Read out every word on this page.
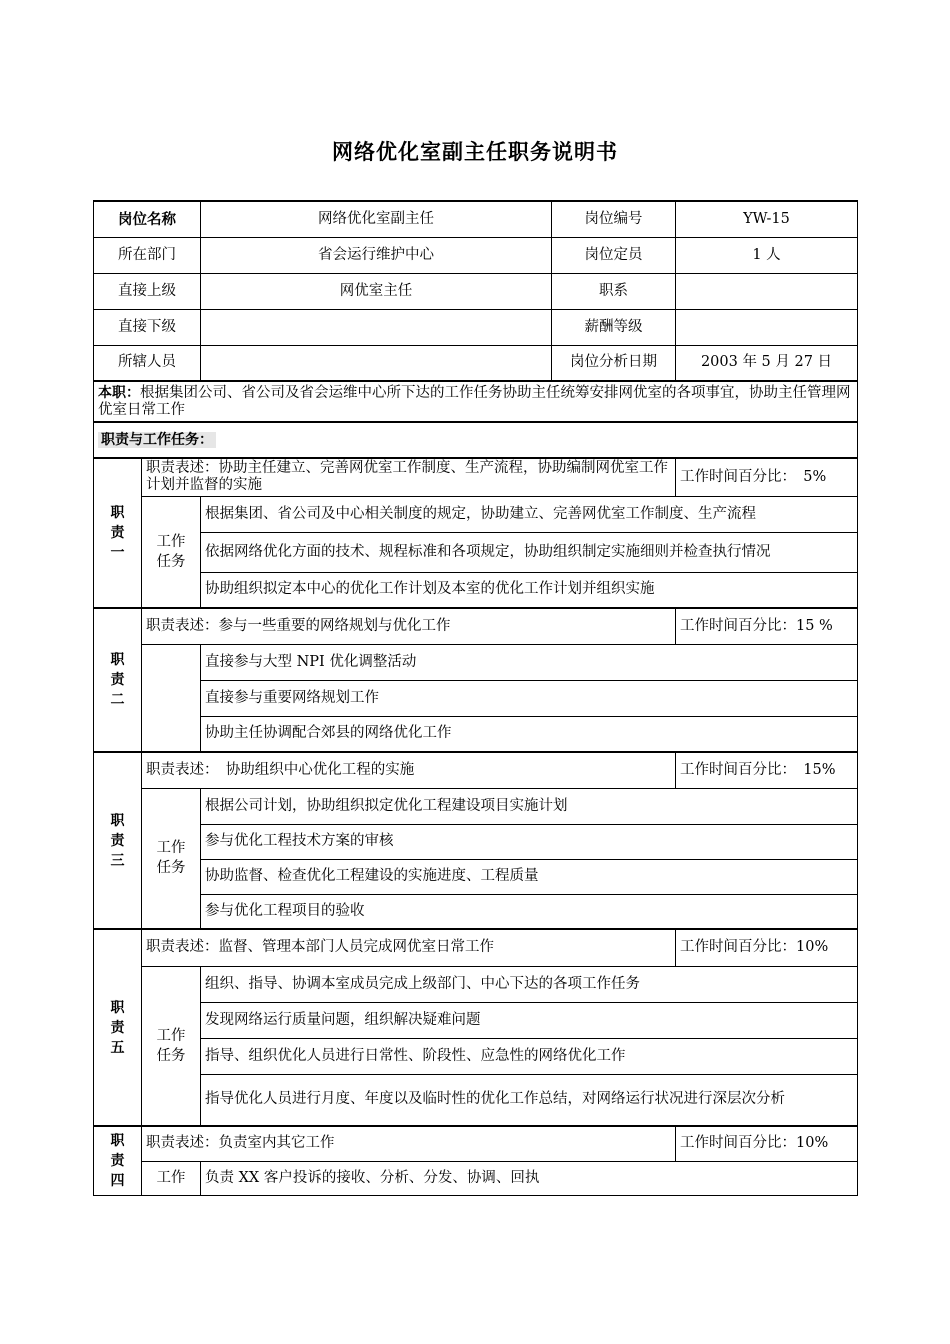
网络优化室副主任职务说明书
岗位名称		网络优化室副主任	岗位编号	YW-15
所在部门		省会运行维护中心	岗位定员	1 人
直接上级		网优室主任	职系	
直接下级			薪酬等级	
所辖人员			岗位分析日期	2003 年 5 月 27 日
本职：根据集团公司、省公司及省会运维中心所下达的工作任务协助主任统筹安排网优室的各项事宜，协助主任管理网优室日常工作				
职责与工作任务：				

职
责
一	职责表述：协助主任建立、完善网优室工作制度、生产流程，协助编制网优室工作计划并监督的实施			工作时间百分比：　5%

	工作
任务	根据集团、省公司及中心相关制度的规定，协助建立、完善网优室工作制度、生产流程		
		依据网络优化方面的技术、规程标准和各项规定，协助组织制定实施细则并检查执行情况		
		协助组织拟定本中心的优化工作计划及本室的优化工作计划并组织实施		

职
责
二	职责表述：参与一些重要的网络规划与优化工作			工作时间百分比：15 %
		直接参与大型 NPI 优化调整活动		
		直接参与重要网络规划工作		
		协助主任协调配合郊县的网络优化工作		

职
责
三	职责表述：　协助组织中心优化工程的实施			工作时间百分比：　15%

	工作
任务	根据公司计划，协助组织拟定优化工程建设项目实施计划		
		参与优化工程技术方案的审核		
		协助监督、检查优化工程建设的实施进度、工程质量		
		参与优化工程项目的验收		

职
责
五	职责表述：监督、管理本部门人员完成网优室日常工作			工作时间百分比：10%

	工作
任务	组织、指导、协调本室成员完成上级部门、中心下达的各项工作任务		
		发现网络运行质量问题，组织解决疑难问题		
		指导、组织优化人员进行日常性、阶段性、应急性的网络优化工作		
		指导优化人员进行月度、年度以及临时性的优化工作总结，对网络运行状况进行深层次分析		

职
责
四	职责表述：负责室内其它工作			工作时间百分比：10%
	工作	负责 XX 客户投诉的接收、分析、分发、协调、回执		
